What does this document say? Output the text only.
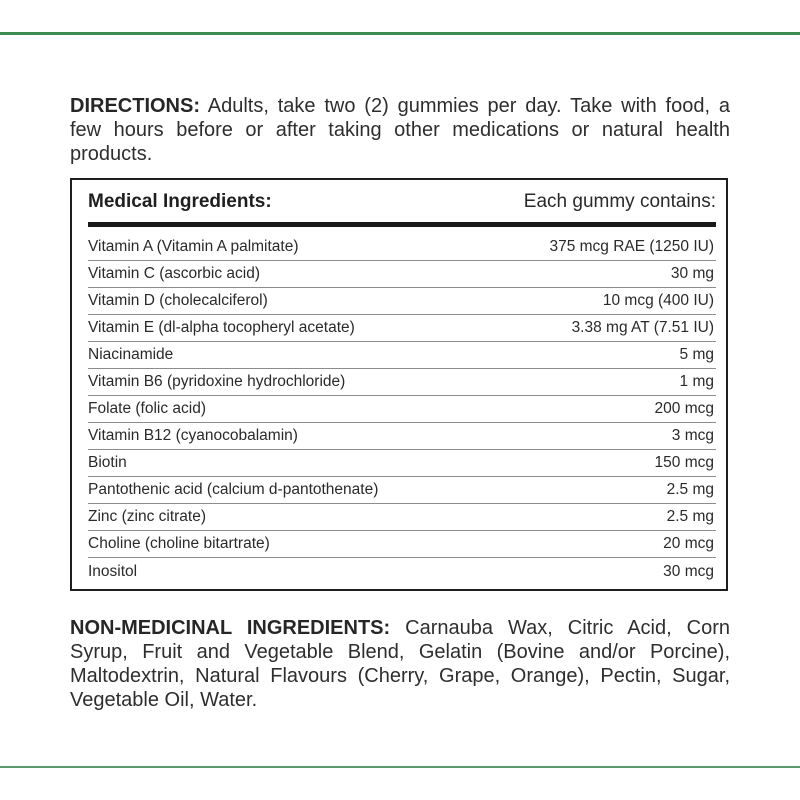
DIRECTIONS: Adults, take two (2) gummies per day. Take with food, a few hours before or after taking other medications or natural health products.

Medical Ingredients:	Each gummy contains:
Vitamin A (Vitamin A palmitate)	375 mcg RAE (1250 IU)
Vitamin C (ascorbic acid)	30 mg
Vitamin D (cholecalciferol)	10 mcg (400 IU)
Vitamin E (dl-alpha tocopheryl acetate)	3.38 mg AT (7.51 IU)
Niacinamide	5 mg
Vitamin B6 (pyridoxine hydrochloride)	1 mg
Folate (folic acid)	200 mcg
Vitamin B12 (cyanocobalamin)	3 mcg
Biotin	150 mcg
Pantothenic acid (calcium d-pantothenate)	2.5 mg
Zinc (zinc citrate)	2.5 mg
Choline (choline bitartrate)	20 mcg
Inositol	30 mcg

NON-MEDICINAL INGREDIENTS: Carnauba Wax, Citric Acid, Corn Syrup, Fruit and Vegetable Blend, Gelatin (Bovine and/or Porcine), Maltodextrin, Natural Flavours (Cherry, Grape, Orange), Pectin, Sugar, Vegetable Oil, Water.
